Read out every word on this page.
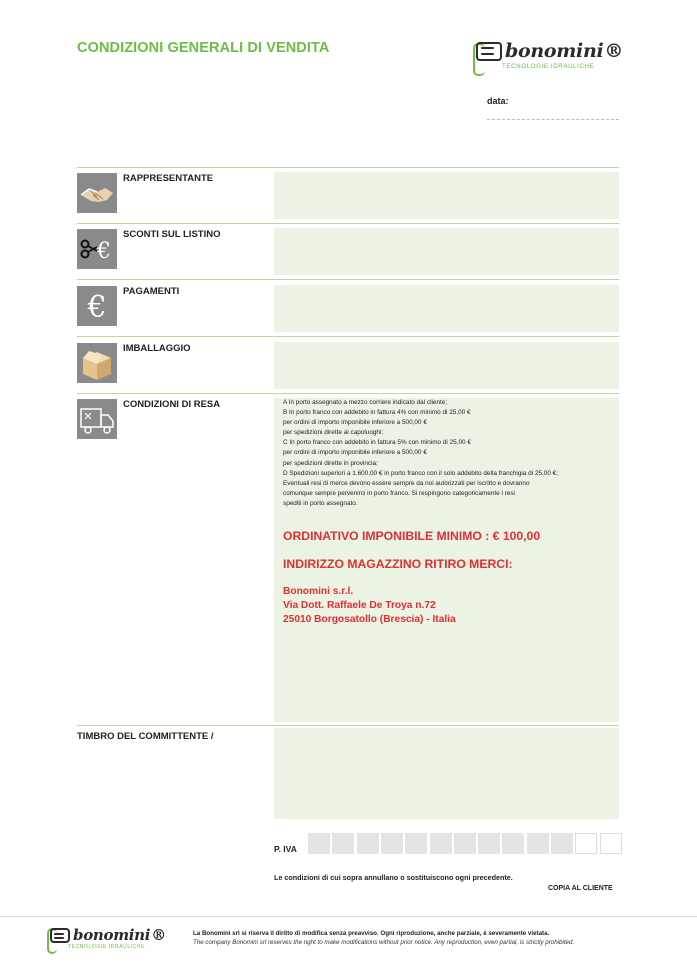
CONDIZIONI GENERALI DI VENDITA	bonomini ®
TECNOLOGIE IDRAULICHE
data:
RAPPRESENTANTE
€
SCONTI SUL LISTINO
€ PAGAMENTI
IMBALLAGGIO
CONDIZIONI DI RESA	A In porto assegnato a mezzo corriere indicato dal cliente;
B In porto franco con addebito in fattura 4% con minimo di 25,00 €
per ordini di importo imponibile inferiore a 500,00 €
per spedizioni dirette ai capoluoghi;
C In porto franco con addebito in fattura 5% con minimo di 25,00 €
per ordini di importo imponibile inferiore a 500,00 €
per spedizioni dirette in provincia;
D Spedizioni superiori a 1.600,00 € in porto franco con il solo addebito della franchigia di 25,00 €;
Eventuali resi di merce devono essere sempre da noi autorizzati per iscritto e dovranno
comunque sempre pervenirci in porto franco. Si respingono categoricamente i resi
spediti in porto assegnato.
ORDINATIVO IMPONIBILE MINIMO : € 100,00
INDIRIZZO MAGAZZINO RITIRO MERCI:
Bonomini s.r.l.
Via Dott. Raffaele De Troya n.72
25010 Borgosatollo (Brescia) - Italia
TIMBRO DEL COMMITTENTE /
P. IVA
Le condizioni di cui sopra annullano o sostituiscono ogni precedente.
COPIA AL CLIENTE
bonomini ®
TECNOLOGIE IDRAULICHE
La Bonomini srl si riserva il diritto di modifica senza preavviso. Ogni riproduzione, anche parziale, è severamente vietata.
The company Bonomini srl reserves the right to make modifications without prior notice. Any reproduction, even partial, is strictly prohibited.
